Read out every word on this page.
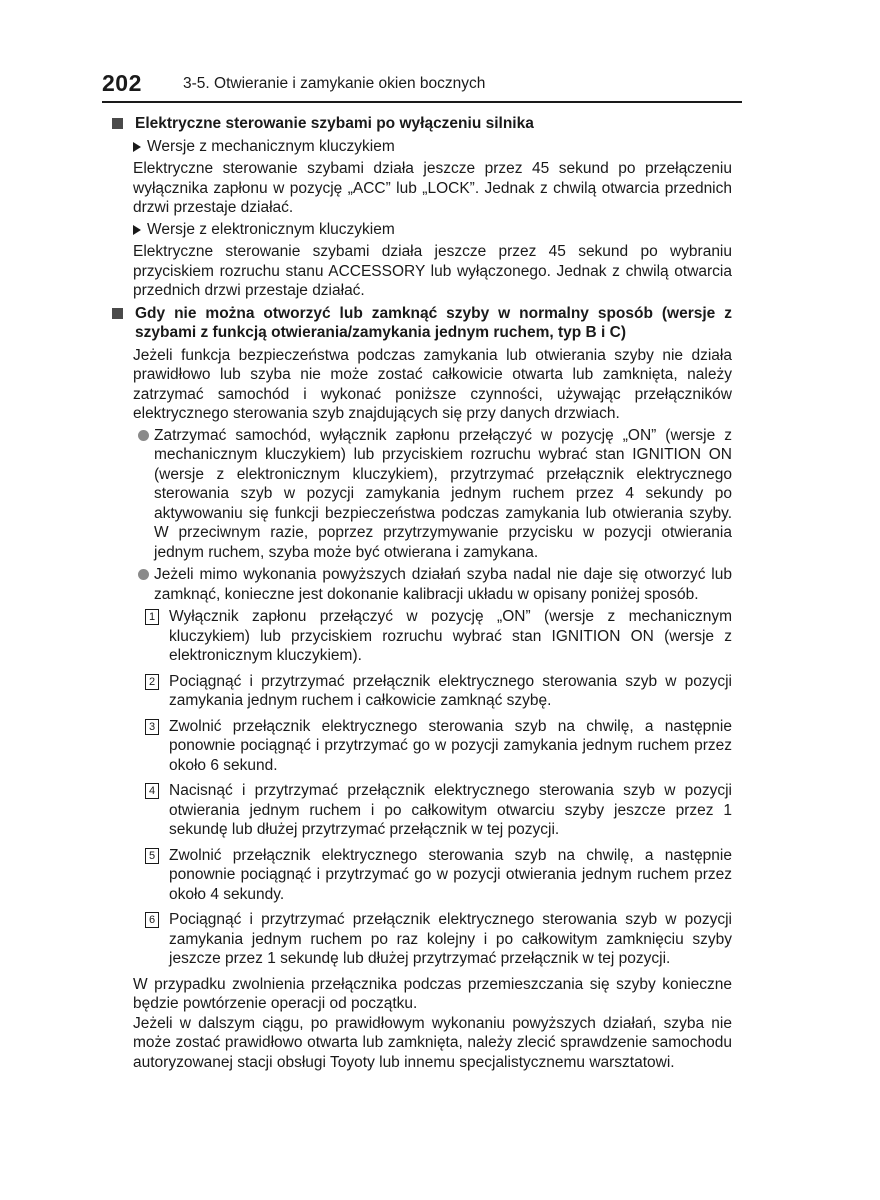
202	3-5. Otwieranie i zamykanie okien bocznych
Elektryczne sterowanie szybami po wyłączeniu silnika
Wersje z mechanicznym kluczykiem
Elektryczne sterowanie szybami działa jeszcze przez 45 sekund po przełączeniu wyłącznika zapłonu w pozycję „ACC” lub „LOCK”. Jednak z chwilą otwarcia przednich drzwi przestaje działać.
Wersje z elektronicznym kluczykiem
Elektryczne sterowanie szybami działa jeszcze przez 45 sekund po wybraniu przyciskiem rozruchu stanu ACCESSORY lub wyłączonego. Jednak z chwilą otwarcia przednich drzwi przestaje działać.
Gdy nie można otworzyć lub zamknąć szyby w normalny sposób (wersje z szybami z funkcją otwierania/zamykania jednym ruchem, typ B i C)
Jeżeli funkcja bezpieczeństwa podczas zamykania lub otwierania szyby nie działa prawidłowo lub szyba nie może zostać całkowicie otwarta lub zamknięta, należy zatrzymać samochód i wykonać poniższe czynności, używając przełączników elektrycznego sterowania szyb znajdujących się przy danych drzwiach.
Zatrzymać samochód, wyłącznik zapłonu przełączyć w pozycję „ON” (wersje z mechanicznym kluczykiem) lub przyciskiem rozruchu wybrać stan IGNITION ON (wersje z elektronicznym kluczykiem), przytrzymać przełącznik elektrycznego sterowania szyb w pozycji zamykania jednym ruchem przez 4 sekundy po aktywowaniu się funkcji bezpieczeństwa podczas zamykania lub otwierania szyby. W przeciwnym razie, poprzez przytrzymywanie przycisku w pozycji otwierania jednym ruchem, szyba może być otwierana i zamykana.
Jeżeli mimo wykonania powyższych działań szyba nadal nie daje się otworzyć lub zamknąć, konieczne jest dokonanie kalibracji układu w opisany poniżej sposób.
1 Wyłącznik zapłonu przełączyć w pozycję „ON” (wersje z mechanicznym kluczykiem) lub przyciskiem rozruchu wybrać stan IGNITION ON (wersje z elektronicznym kluczykiem).
2 Pociągnąć i przytrzymać przełącznik elektrycznego sterowania szyb w pozycji zamykania jednym ruchem i całkowicie zamknąć szybę.
3 Zwolnić przełącznik elektrycznego sterowania szyb na chwilę, a następnie ponownie pociągnąć i przytrzymać go w pozycji zamykania jednym ruchem przez około 6 sekund.
4 Nacisnąć i przytrzymać przełącznik elektrycznego sterowania szyb w pozycji otwierania jednym ruchem i po całkowitym otwarciu szyby jeszcze przez 1 sekundę lub dłużej przytrzymać przełącznik w tej pozycji.
5 Zwolnić przełącznik elektrycznego sterowania szyb na chwilę, a następnie ponownie pociągnąć i przytrzymać go w pozycji otwierania jednym ruchem przez około 4 sekundy.
6 Pociągnąć i przytrzymać przełącznik elektrycznego sterowania szyb w pozycji zamykania jednym ruchem po raz kolejny i po całkowitym zamknięciu szyby jeszcze przez 1 sekundę lub dłużej przytrzymać przełącznik w tej pozycji.
W przypadku zwolnienia przełącznika podczas przemieszczania się szyby konieczne będzie powtórzenie operacji od początku.
Jeżeli w dalszym ciągu, po prawidłowym wykonaniu powyższych działań, szyba nie może zostać prawidłowo otwarta lub zamknięta, należy zlecić sprawdzenie samochodu autoryzowanej stacji obsługi Toyoty lub innemu specjalistycznemu warsztatowi.
